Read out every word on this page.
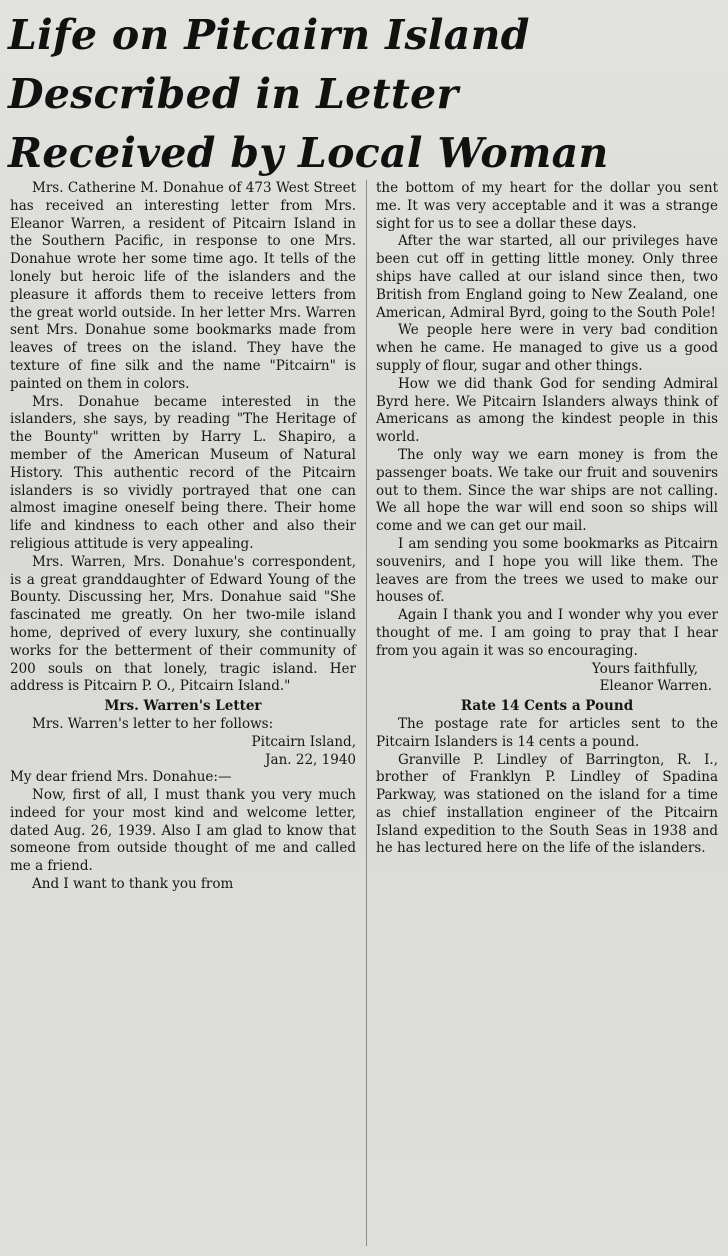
Life on Pitcairn Island
Described in Letter
Received by Local Woman

Mrs. Catherine M. Donahue of 473 West Street has received an interesting letter from Mrs. Eleanor Warren, a resident of Pitcairn Island in the Southern Pacific, in response to one Mrs. Donahue wrote her some time ago. It tells of the lonely but heroic life of the islanders and the pleasure it affords them to receive letters from the great world outside. In her letter Mrs. Warren sent Mrs. Donahue some bookmarks made from leaves of trees on the island. They have the texture of fine silk and the name "Pitcairn" is painted on them in colors.

Mrs. Donahue became interested in the islanders, she says, by reading "The Heritage of the Bounty" written by Harry L. Shapiro, a member of the American Museum of Natural History. This authentic record of the Pitcairn islanders is so vividly portrayed that one can almost imagine oneself being there. Their home life and kindness to each other and also their religious attitude is very appealing.

Mrs. Warren, Mrs. Donahue's correspondent, is a great granddaughter of Edward Young of the Bounty. Discussing her, Mrs. Donahue said "She fascinated me greatly. On her two-mile island home, deprived of every luxury, she continually works for the betterment of their community of 200 souls on that lonely, tragic island. Her address is Pitcairn P. O., Pitcairn Island."

Mrs. Warren's Letter

Mrs. Warren's letter to her follows:

Pitcairn Island,

Jan. 22, 1940

My dear friend Mrs. Donahue:—

Now, first of all, I must thank you very much indeed for your most kind and welcome letter, dated Aug. 26, 1939. Also I am glad to know that someone from outside thought of me and called me a friend.

And I want to thank you from

the bottom of my heart for the dollar you sent me. It was very acceptable and it was a strange sight for us to see a dollar these days.

After the war started, all our privileges have been cut off in getting little money. Only three ships have called at our island since then, two British from England going to New Zealand, one American, Admiral Byrd, going to the South Pole!

We people here were in very bad condition when he came. He managed to give us a good supply of flour, sugar and other things.

How we did thank God for sending Admiral Byrd here. We Pitcairn Islanders always think of Americans as among the kindest people in this world.

The only way we earn money is from the passenger boats. We take our fruit and souvenirs out to them. Since the war ships are not calling. We all hope the war will end soon so ships will come and we can get our mail.

I am sending you some bookmarks as Pitcairn souvenirs, and I hope you will like them. The leaves are from the trees we used to make our houses of.

Again I thank you and I wonder why you ever thought of me. I am going to pray that I hear from you again it was so encouraging.

Yours faithfully,

Eleanor Warren.

Rate 14 Cents a Pound

The postage rate for articles sent to the Pitcairn Islanders is 14 cents a pound.

Granville P. Lindley of Barrington, R. I., brother of Franklyn P. Lindley of Spadina Parkway, was stationed on the island for a time as chief installation engineer of the Pitcairn Island expedition to the South Seas in 1938 and he has lectured here on the life of the islanders.
